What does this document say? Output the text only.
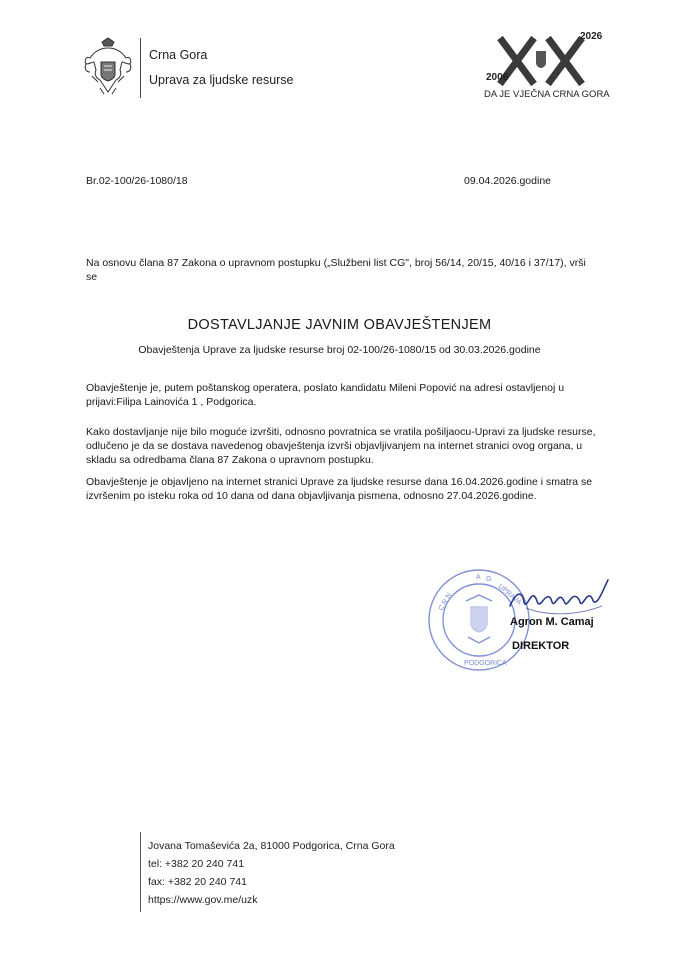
Crna Gora
Uprava za ljudske resurse	2006
2026
DA JE VJEČNA CRNA GORA
Br.02-100/26-1080/18	09.04.2026.godine
Na osnovu člana 87 Zakona o upravnom postupku („Službeni list CG", broj 56/14, 20/15, 40/16 i 37/17), vrši se
DOSTAVLJANJE JAVNIM OBAVJEŠTENJEM
Obavještenja Uprave za ljudske resurse broj 02-100/26-1080/15 od 30.03.2026.godine
Obavještenje je, putem poštanskog operatera, poslato kandidatu Mileni Popović na adresi ostavljenoj u prijavi:Filipa Lainovića 1 , Podgorica.
Kako dostavljanje nije bilo moguće izvršiti, odnosno povratnica se vratila pošiljaocu-Upravi za ljudske resurse, odlučeno je da se dostava navedenog obavještenja izvrši objavljivanjem na internet stranici ovog organa, u skladu sa odredbama člana 87 Zakona o upravnom postupku.
Obavještenje je objavljeno na internet stranici Uprave za ljudske resurse dana 16.04.2026.godine i smatra se izvršenim po isteku roka od 10 dana od dana objavljivanja pismena, odnosno 27.04.2026.godine.
C R N
A G
UPRAVA
PODGORICA
Agron M. Camaj
DIREKTOR
Jovana Tomaševića 2a, 81000 Podgorica, Crna Gora
tel: +382 20 240 741
fax: +382 20 240 741
https://www.gov.me/uzk
